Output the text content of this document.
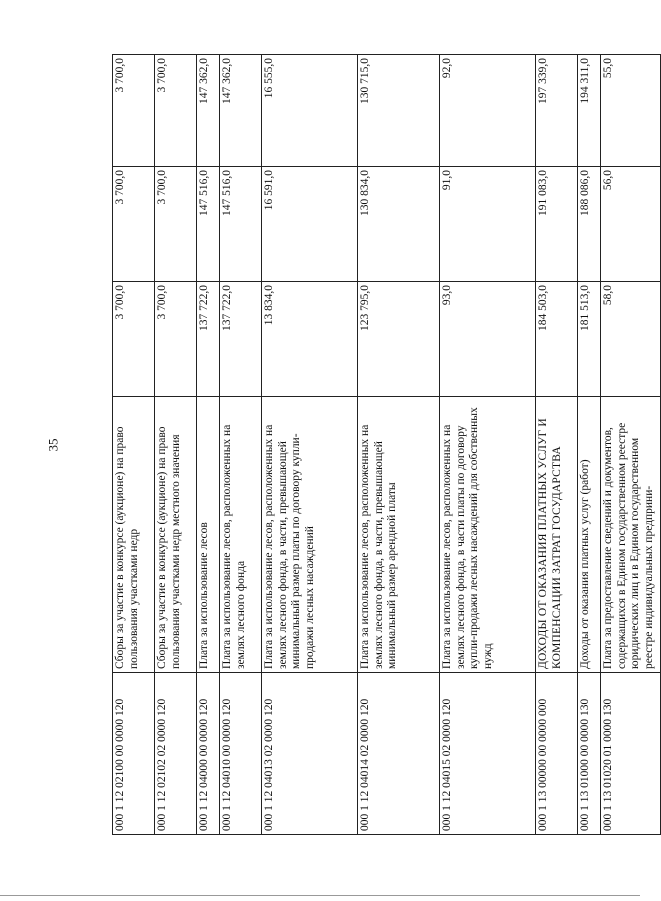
35
000 1 12 02100 00 0000 120	Сборы за участие в конкурсе (аукционе) на право пользования участками недр	3 700,0	3 700,0	3 700,0
000 1 12 02102 02 0000 120	Сборы за участие в конкурсе (аукционе) на право пользования участками недр местного значения	3 700,0	3 700,0	3 700,0
000 1 12 04000 00 0000 120	Плата за использование лесов	137 722,0	147 516,0	147 362,0
000 1 12 04010 00 0000 120	Плата за использование лесов, расположенных на землях лесного фонда	137 722,0	147 516,0	147 362,0
000 1 12 04013 02 0000 120	Плата за использование лесов, расположенных на землях лесного фонда, в части, превышающей минимальный размер платы по договору купли-продажи лесных насаждений	13 834,0	16 591,0	16 555,0
000 1 12 04014 02 0000 120	Плата за использование лесов, расположенных на землях лесного фонда, в части, превышающей минимальный размер арендной платы	123 795,0	130 834,0	130 715,0
000 1 12 04015 02 0000 120	Плата за использование лесов, расположенных на землях лесного фонда, в части платы по договору купли-продажи лесных насаждений для собственных нужд	93,0	91,0	92,0
000 1 13 00000 00 0000 000	ДОХОДЫ ОТ ОКАЗАНИЯ ПЛАТНЫХ УСЛУГ И КОМПЕНСАЦИИ ЗАТРАТ ГОСУДАРСТВА	184 503,0	191 083,0	197 339,0
000 1 13 01000 00 0000 130	Доходы от оказания платных услуг (работ)	181 513,0	188 086,0	194 311,0
000 1 13 01020 01 0000 130	Плата за предоставление сведений и документов, содержащихся в Едином государственном реестре юридических лиц и в Едином государственном реестре индивидуальных предприни-	58,0	56,0	55,0
